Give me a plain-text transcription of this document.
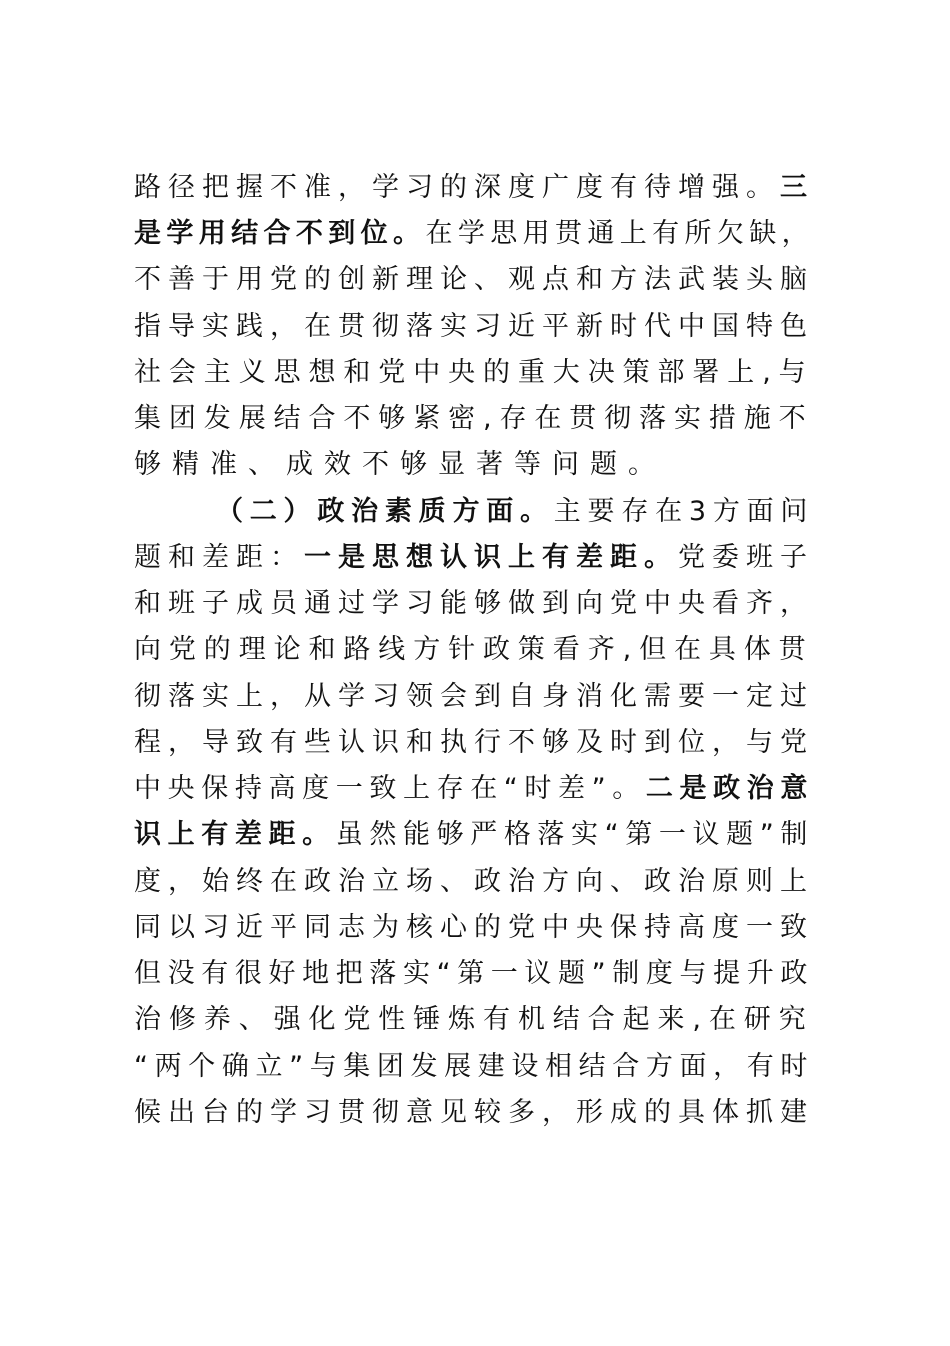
路径把握不准，学习的深度广度有待增强。三
是学用结合不到位。在学思用贯通上有所欠缺，
不善于用党的创新理论、观点和方法武装头脑
指导实践，在贯彻落实习近平新时代中国特色
社会主义思想和党中央的重大决策部署上,与
集团发展结合不够紧密,存在贯彻落实措施不
够精准、成效不够显著等问题。
（二）政治素质方面。主要存在3方面问
题和差距：一是思想认识上有差距。党委班子
和班子成员通过学习能够做到向党中央看齐，
向党的理论和路线方针政策看齐,但在具体贯
彻落实上，从学习领会到自身消化需要一定过
程，导致有些认识和执行不够及时到位，与党
中央保持高度一致上存在“时差”。二是政治意
识上有差距。虽然能够严格落实“第一议题”制
度，始终在政治立场、政治方向、政治原则上
同以习近平同志为核心的党中央保持高度一致
但没有很好地把落实“第一议题”制度与提升政
治修养、强化党性锤炼有机结合起来,在研究
“两个确立”与集团发展建设相结合方面，有时
候出台的学习贯彻意见较多，形成的具体抓建
